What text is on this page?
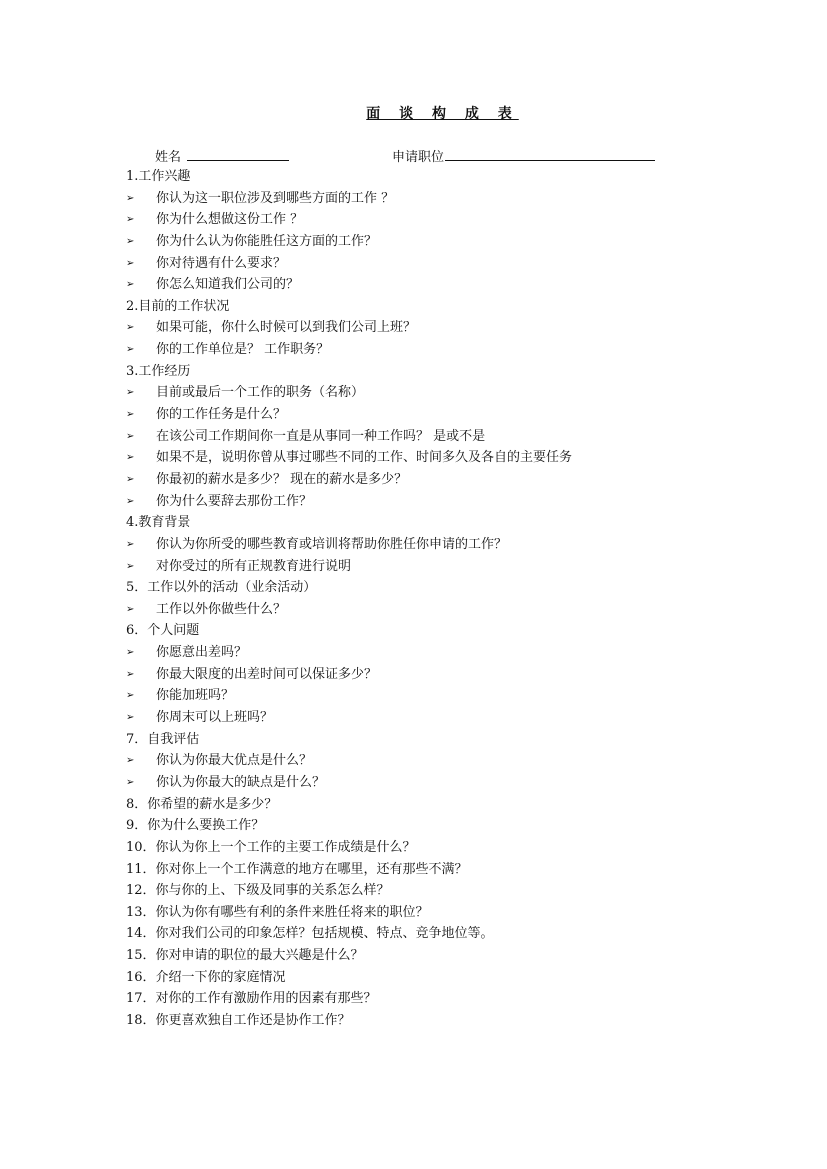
面 谈 构 成 表
姓名	申请职位
1.工作兴趣
➢ 你认为这一职位涉及到哪些方面的工作 ？
➢ 你为什么想做这份工作 ？
➢ 你为什么认为你能胜任这方面的工作？
➢ 你对待遇有什么要求？
➢ 你怎么知道我们公司的？
2.目前的工作状况
➢ 如果可能，你什么时候可以到我们公司上班？
➢ 你的工作单位是？ 工作职务？
3.工作经历
➢ 目前或最后一个工作的职务（名称）
➢ 你的工作任务是什么？
➢ 在该公司工作期间你一直是从事同一种工作吗？ 是或不是
➢ 如果不是，说明你曾从事过哪些不同的工作、时间多久及各自的主要任务
➢ 你最初的薪水是多少？ 现在的薪水是多少？
➢ 你为什么要辞去那份工作？
4.教育背景
➢ 你认为你所受的哪些教育或培训将帮助你胜任你申请的工作？
➢ 对你受过的所有正规教育进行说明
5．工作以外的活动（业余活动）
➢ 工作以外你做些什么？
6．个人问题
➢ 你愿意出差吗？
➢ 你最大限度的出差时间可以保证多少？
➢ 你能加班吗？
➢ 你周末可以上班吗？
7．自我评估
➢ 你认为你最大优点是什么？
➢ 你认为你最大的缺点是什么？
8．你希望的薪水是多少？
9．你为什么要换工作？
10．你认为你上一个工作的主要工作成绩是什么？
11．你对你上一个工作满意的地方在哪里，还有那些不满？
12．你与你的上、下级及同事的关系怎么样？
13．你认为你有哪些有利的条件来胜任将来的职位？
14．你对我们公司的印象怎样？包括规模、特点、竞争地位等。
15．你对申请的职位的最大兴趣是什么？
16．介绍一下你的家庭情况
17．对你的工作有激励作用的因素有那些？
18．你更喜欢独自工作还是协作工作？
